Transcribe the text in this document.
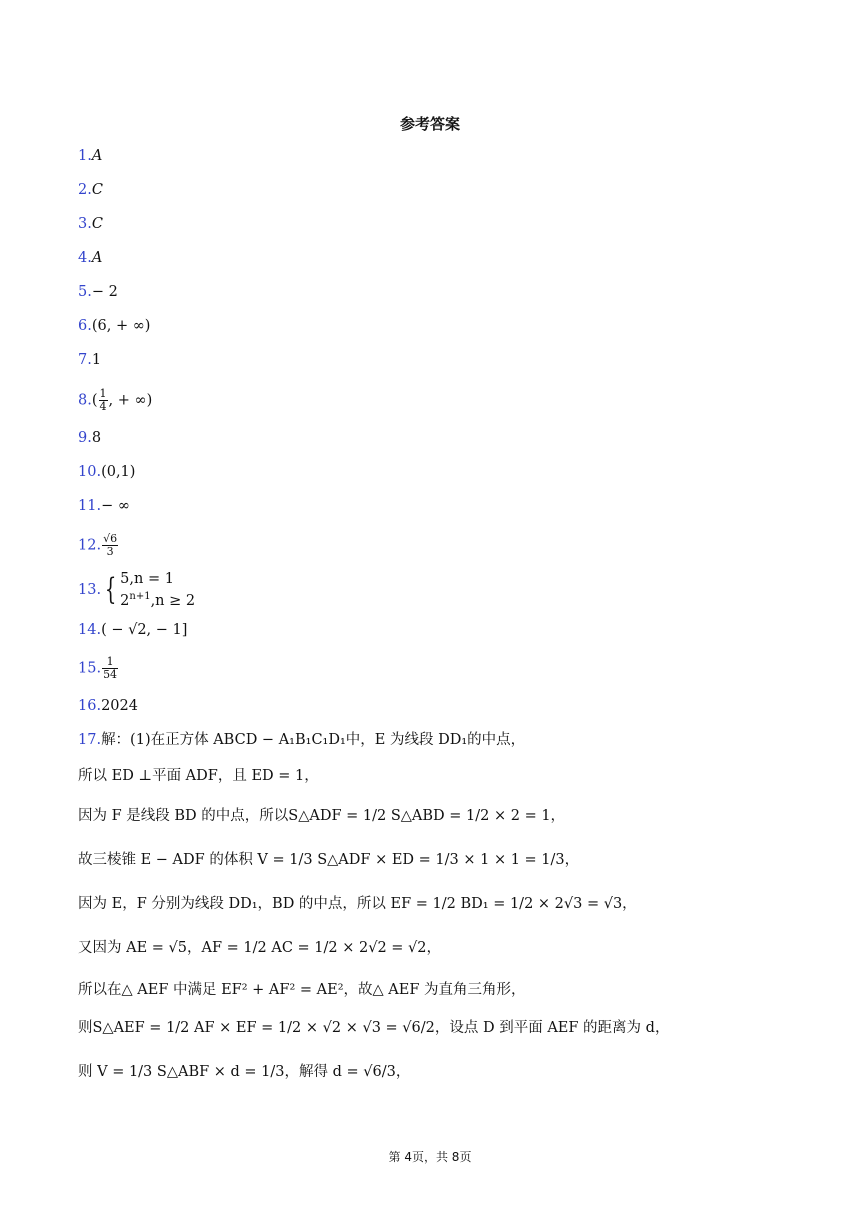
参考答案
1.A
2.C
3.C
4.A
5.− 2
6.(6, + ∞)
7.1
$8.( \frac{1}{4}$ , + ∞)
9.8
10.(0,1)
11.− ∞
12. $\frac{√6}{3}$
13. { 5,n = 1
$2^{n+1},n \ge 2$
14.( − √2, − 1]
15. $\frac{1}{54}$
16.2024
17.解：(1)在正方体 ABCD − A₁B₁C₁D₁中，E 为线段 DD₁的中点，
所以 ED ⊥平面 ADF，且 ED = 1，
因为 F 是线段 BD 的中点，所以S△ADF = 1/2 S△ABD = 1/2 × 2 = 1，
故三棱锥 E − ADF 的体积 V = 1/3 S△ADF × ED = 1/3 × 1 × 1 = 1/3，
因为 E，F 分别为线段 DD₁，BD 的中点，所以 EF = 1/2 BD₁ = 1/2 × 2√3 = √3，
又因为 AE = √5，AF = 1/2 AC = 1/2 × 2√2 = √2，
所以在△ AEF 中满足 EF² + AF² = AE²，故△ AEF 为直角三角形，
则S△AEF = 1/2 AF × EF = 1/2 × √2 × √3 = √6/2，设点 D 到平面 AEF 的距离为 d，
则 V = 1/3 S△ABF × d = 1/3，解得 d = √6/3，
第 4页，共 8页
